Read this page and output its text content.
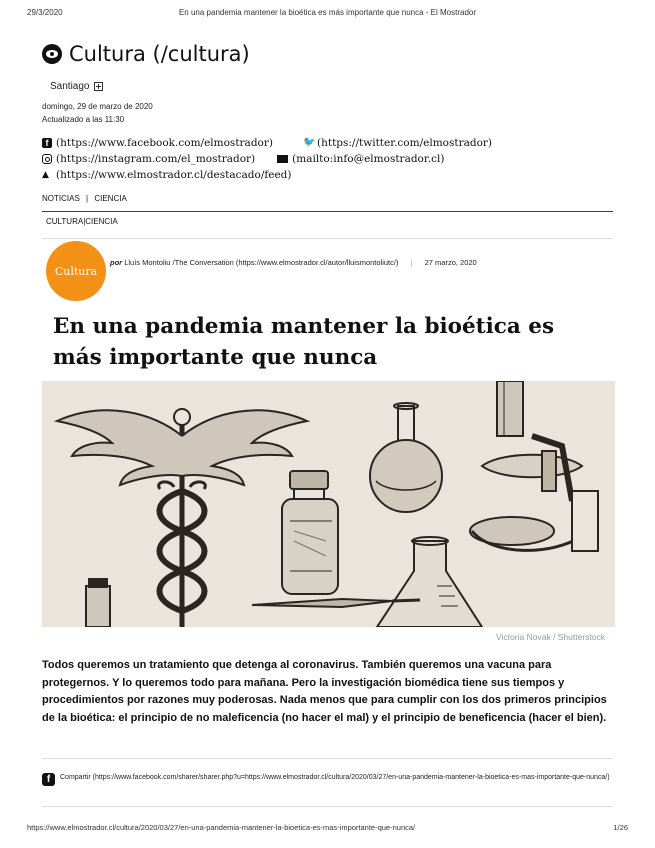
29/3/2020	En una pandemia mantener la bioética es más importante que nunca - El Mostrador
Cultura (/cultura)
Santiago
domingo, 29 de marzo de 2020
Actualizado a las 11:30
f (https://www.facebook.com/elmostrador)	🐦 (https://twitter.com/elmostrador)
(https://instagram.com/el_mostrador)	(mailto:info@elmostrador.cl)
▲ (https://www.elmostrador.cl/destacado/feed)
NOTICIAS | CIENCIA
CULTURA|CIENCIA
Cultura
por Lluís Montoliu /The Conversation (https://www.elmostrador.cl/autor/lluismontoliutc/) | 27 marzo, 2020
En una pandemia mantener la bioética es más importante que nunca
Victoria Novak / Shutterstock

Todos queremos un tratamiento que detenga al coronavirus. También queremos una vacuna para protegernos. Y lo queremos todo para mañana. Pero la investigación biomédica tiene sus tiempos y procedimientos por razones muy poderosas. Nada menos que para cumplir con los dos primeros principios de la bioética: el principio de no maleficencia (no hacer el mal) y el principio de beneficencia (hacer el bien).

f Compartir (https://www.facebook.com/sharer/sharer.php?u=https://www.elmostrador.cl/cultura/2020/03/27/en-una-pandemia-mantener-la-bioetica-es-mas-importante-que-nunca/)
https://www.elmostrador.cl/cultura/2020/03/27/en-una-pandemia-mantener-la-bioetica-es-mas-importante-que-nunca/	1/26
